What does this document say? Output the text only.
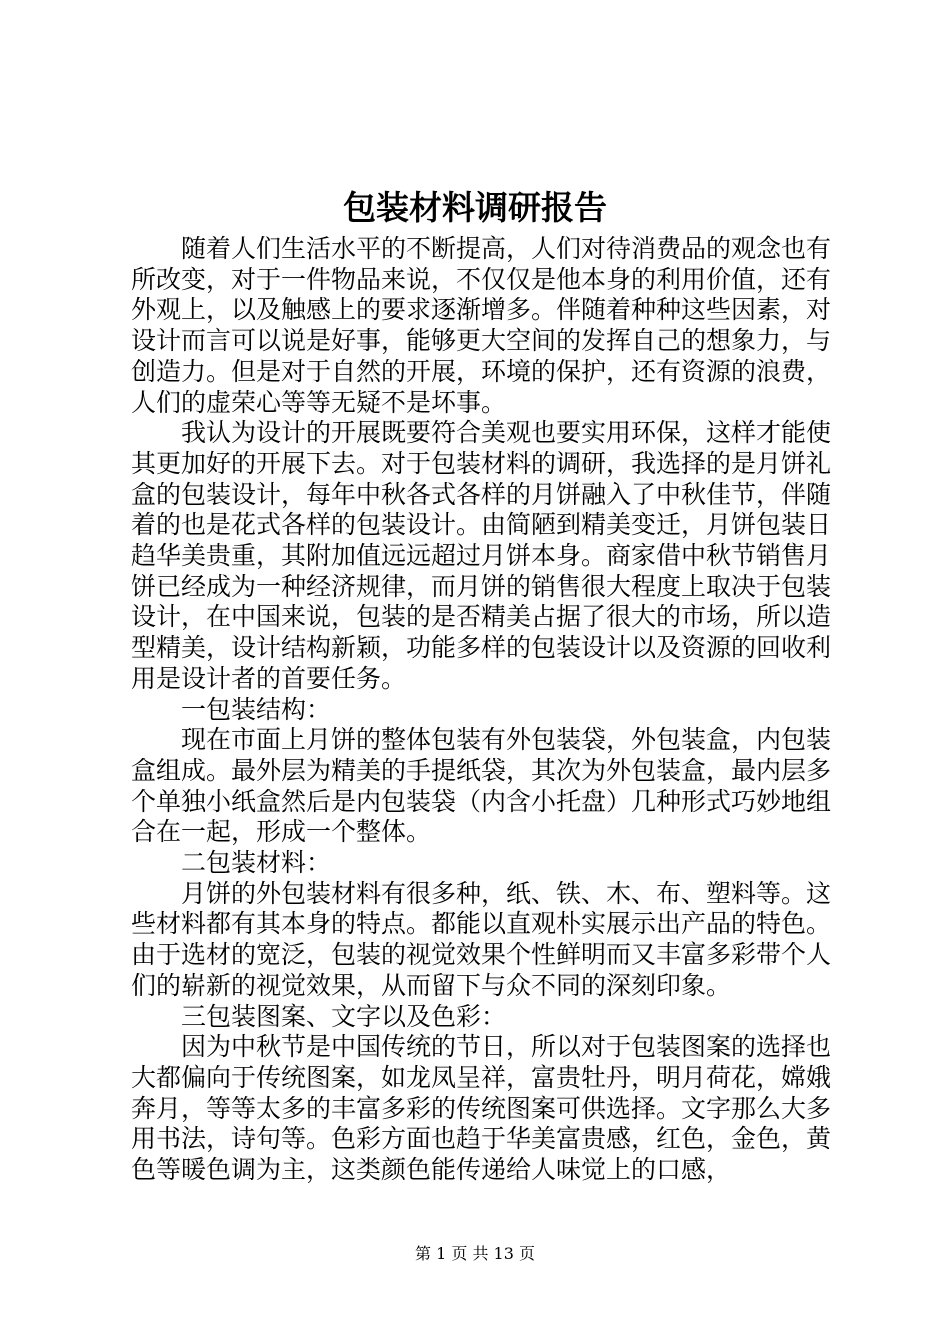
包装材料调研报告

随着人们生活水平的不断提高，人们对待消费品的观念也有所改变，对于一件物品来说，不仅仅是他本身的利用价值，还有外观上，以及触感上的要求逐渐增多。伴随着种种这些因素，对设计而言可以说是好事，能够更大空间的发挥自己的想象力，与创造力。但是对于自然的开展，环境的保护，还有资源的浪费，人们的虚荣心等等无疑不是坏事。

我认为设计的开展既要符合美观也要实用环保，这样才能使其更加好的开展下去。对于包装材料的调研，我选择的是月饼礼盒的包装设计，每年中秋各式各样的月饼融入了中秋佳节，伴随着的也是花式各样的包装设计。由简陋到精美变迁，月饼包装日趋华美贵重，其附加值远远超过月饼本身。商家借中秋节销售月饼已经成为一种经济规律，而月饼的销售很大程度上取决于包装设计，在中国来说，包装的是否精美占据了很大的市场，所以造型精美，设计结构新颖，功能多样的包装设计以及资源的回收利用是设计者的首要任务。

一包装结构：

现在市面上月饼的整体包装有外包装袋，外包装盒，内包装盒组成。最外层为精美的手提纸袋，其次为外包装盒，最内层多个单独小纸盒然后是内包装袋（内含小托盘）几种形式巧妙地组合在一起，形成一个整体。

二包装材料：

月饼的外包装材料有很多种，纸、铁、木、布、塑料等。这些材料都有其本身的特点。都能以直观朴实展示出产品的特色。由于选材的宽泛，包装的视觉效果个性鲜明而又丰富多彩带个人们的崭新的视觉效果，从而留下与众不同的深刻印象。

三包装图案、文字以及色彩：

因为中秋节是中国传统的节日，所以对于包装图案的选择也大都偏向于传统图案，如龙凤呈祥，富贵牡丹，明月荷花，嫦娥奔月，等等太多的丰富多彩的传统图案可供选择。文字那么大多用书法，诗句等。色彩方面也趋于华美富贵感，红色，金色，黄色等暖色调为主，这类颜色能传递给人味觉上的口感，

第 1 页 共 13 页
